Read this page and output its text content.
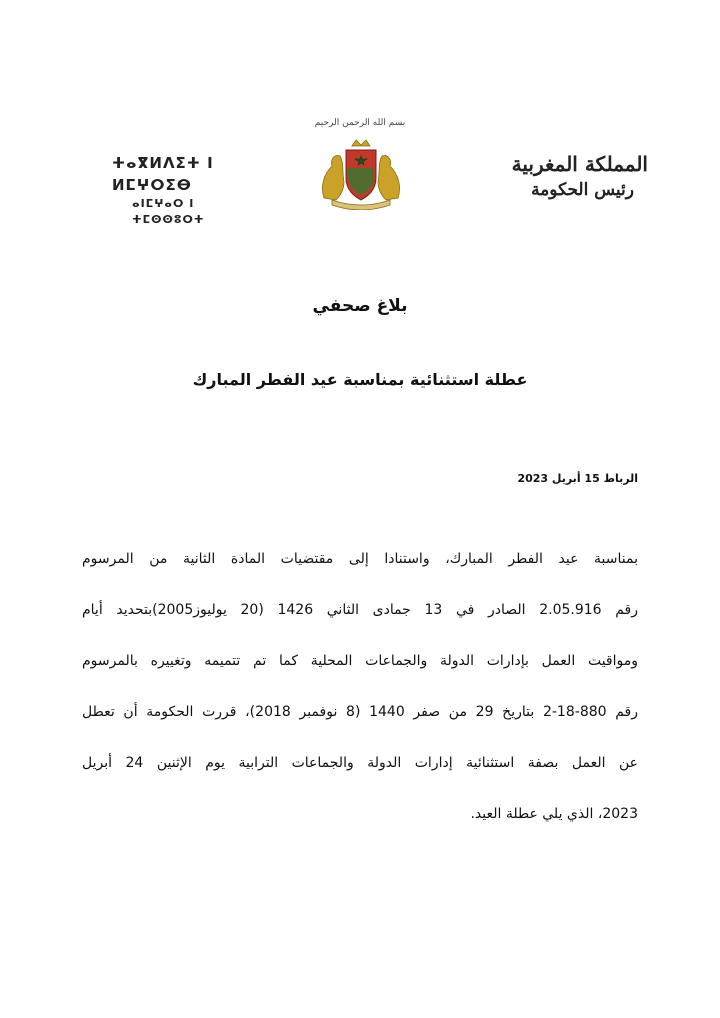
المملكة المغربية
رئيس الحكومة
بسم الله الرحمن الرحيم
ⵜⴰⴳⵍⴷⵉⵜ ⵏ ⵍⵎⵖⵔⵉⴱ
ⴰⵏⵎⵖⴰⵔ ⵏ ⵜⵎⵙⵙⵓⵔⵜ
بلاغ صحفي
عطلة استثنائية بمناسبة عيد الفطر المبارك
الرباط 15 أبريل 2023
بمناسبة عيد الفطر المبارك، واستنادا إلى مقتضيات المادة الثانية من المرسوم
رقم 2.05.916 الصادر في 13 جمادى الثاني 1426 (20 يوليوز2005)بتحديد أيام
ومواقيت العمل بإدارات الدولة والجماعات المحلية كما تم تتميمه وتغييره بالمرسوم
رقم 880-18-2 بتاريخ 29 من صفر 1440 (8 نوفمبر 2018)، قررت الحكومة أن تعطل
عن العمل بصفة استثنائية إدارات الدولة والجماعات الترابية يوم الإثنين 24 أبريل
2023، الذي يلي عطلة العيد.
